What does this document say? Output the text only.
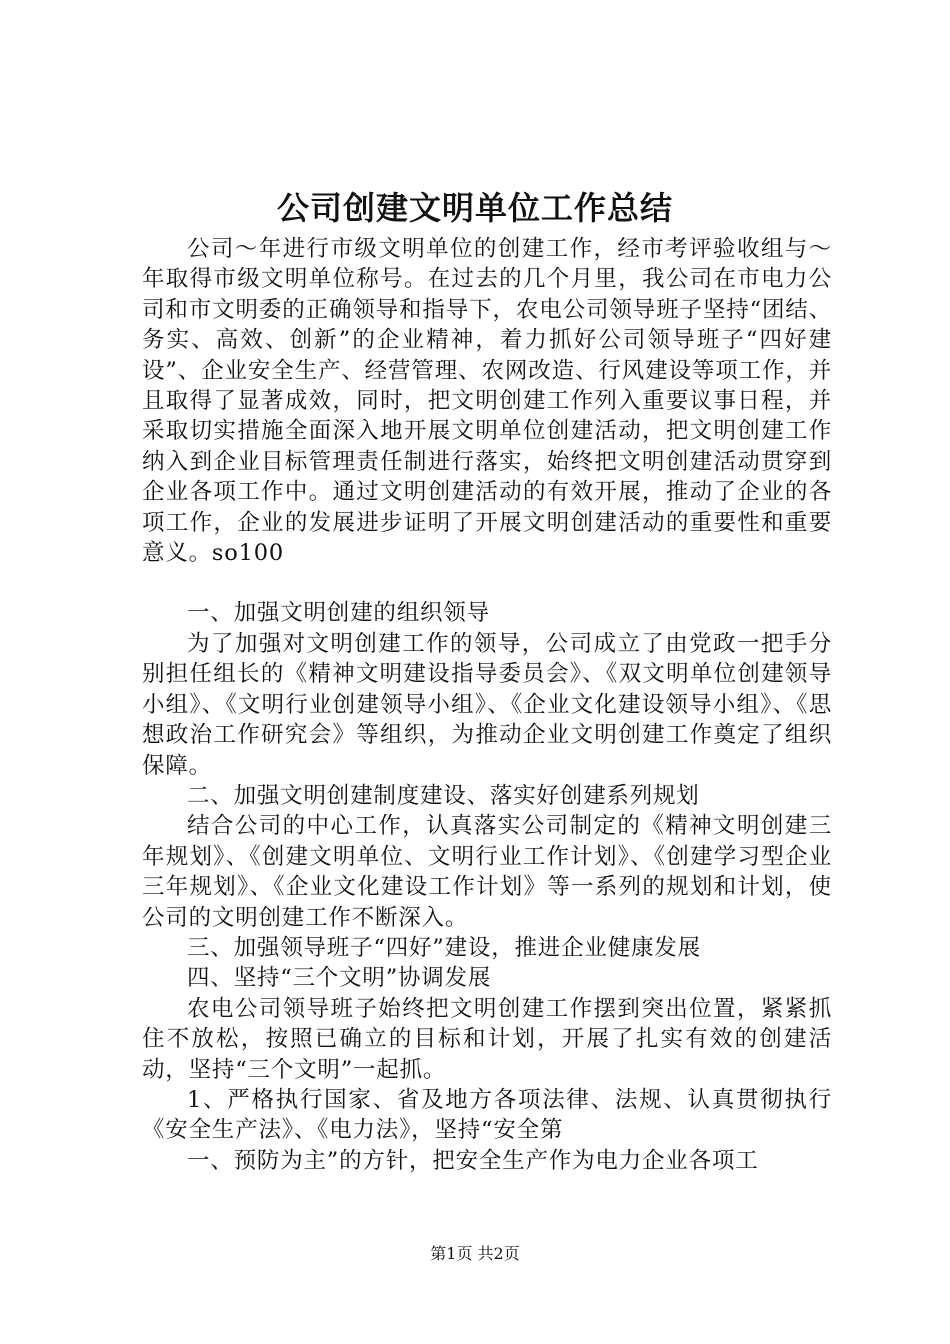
公司创建文明单位工作总结

公司～年进行市级文明单位的创建工作，经市考评验收组与～年取得市级文明单位称号。在过去的几个月里，我公司在市电力公司和市文明委的正确领导和指导下，农电公司领导班子坚持“团结、务实、高效、创新”的企业精神，着力抓好公司领导班子“四好建设”、企业安全生产、经营管理、农网改造、行风建设等项工作，并且取得了显著成效，同时，把文明创建工作列入重要议事日程，并采取切实措施全面深入地开展文明单位创建活动，把文明创建工作纳入到企业目标管理责任制进行落实，始终把文明创建活动贯穿到企业各项工作中。通过文明创建活动的有效开展，推动了企业的各项工作，企业的发展进步证明了开展文明创建活动的重要性和重要意义。so100

一、加强文明创建的组织领导

为了加强对文明创建工作的领导，公司成立了由党政一把手分别担任组长的《精神文明建设指导委员会》、《双文明单位创建领导小组》、《文明行业创建领导小组》、《企业文化建设领导小组》、《思想政治工作研究会》等组织，为推动企业文明创建工作奠定了组织保障。

二、加强文明创建制度建设、落实好创建系列规划

结合公司的中心工作，认真落实公司制定的《精神文明创建三年规划》、《创建文明单位、文明行业工作计划》、《创建学习型企业三年规划》、《企业文化建设工作计划》等一系列的规划和计划，使公司的文明创建工作不断深入。

三、加强领导班子“四好”建设，推进企业健康发展

四、坚持“三个文明”协调发展

农电公司领导班子始终把文明创建工作摆到突出位置，紧紧抓住不放松，按照已确立的目标和计划，开展了扎实有效的创建活动，坚持“三个文明”一起抓。

1、严格执行国家、省及地方各项法律、法规、认真贯彻执行《安全生产法》、《电力法》，坚持“安全第

一、预防为主”的方针，把安全生产作为电力企业各项工

第1页 共2页
